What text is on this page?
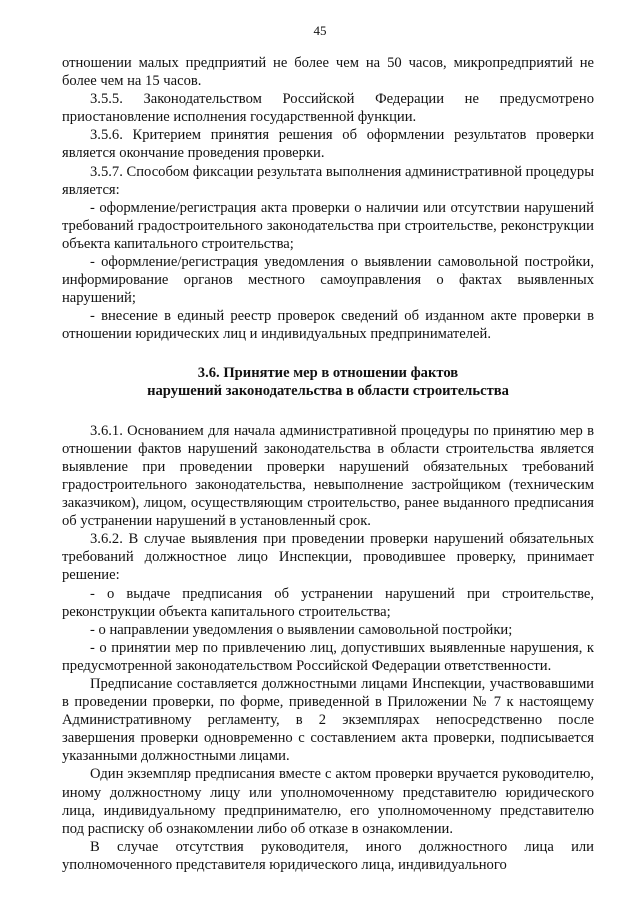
45

отношении малых предприятий не более чем на 50 часов, микропредприятий не более чем на 15 часов.

3.5.5. Законодательством Российской Федерации не предусмотрено приостановление исполнения государственной функции.

3.5.6. Критерием принятия решения об оформлении результатов проверки является окончание проведения проверки.

3.5.7. Способом фиксации результата выполнения административной процедуры является:

- оформление/регистрация акта проверки о наличии или отсутствии нарушений требований градостроительного законодательства при строительстве, реконструкции объекта капитального строительства;

- оформление/регистрация уведомления о выявлении самовольной постройки, информирование органов местного самоуправления о фактах выявленных нарушений;

- внесение в единый реестр проверок сведений об изданном акте проверки в отношении юридических лиц и индивидуальных предпринимателей.

3.6. Принятие мер в отношении фактов
нарушений законодательства в области строительства

3.6.1. Основанием для начала административной процедуры по принятию мер в отношении фактов нарушений законодательства в области строительства является выявление при проведении проверки нарушений обязательных требований градостроительного законодательства, невыполнение застройщиком (техническим заказчиком), лицом, осуществляющим строительство, ранее выданного предписания об устранении нарушений в установленный срок.

3.6.2. В случае выявления при проведении проверки нарушений обязательных требований должностное лицо Инспекции, проводившее проверку, принимает решение:

- о выдаче предписания об устранении нарушений при строительстве, реконструкции объекта капитального строительства;

- о направлении уведомления о выявлении самовольной постройки;

- о принятии мер по привлечению лиц, допустивших выявленные нарушения, к предусмотренной законодательством Российской Федерации ответственности.

Предписание составляется должностными лицами Инспекции, участвовавшими в проведении проверки, по форме, приведенной в Приложении № 7 к настоящему Административному регламенту, в 2 экземплярах непосредственно после завершения проверки одновременно с составлением акта проверки, подписывается указанными должностными лицами.

Один экземпляр предписания вместе с актом проверки вручается руководителю, иному должностному лицу или уполномоченному представителю юридического лица, индивидуальному предпринимателю, его уполномоченному представителю под расписку об ознакомлении либо об отказе в ознакомлении.

В случае отсутствия руководителя, иного должностного лица или уполномоченного представителя юридического лица, индивидуального
